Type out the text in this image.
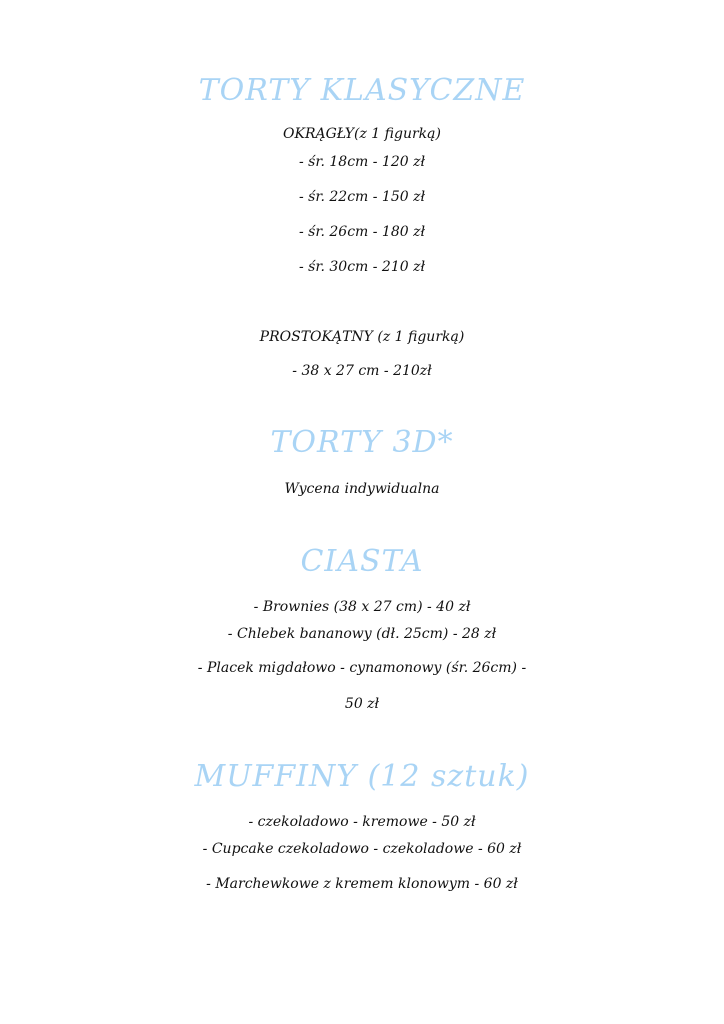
TORTY KLASYCZNE
OKRĄGŁY(z 1 figurką)
- śr. 18cm - 120 zł
- śr. 22cm - 150 zł
- śr. 26cm - 180 zł
- śr. 30cm - 210 zł
PROSTOKĄTNY (z 1 figurką)
- 38 x 27 cm - 210zł
TORTY 3D*
Wycena indywidualna
CIASTA
- Brownies (38 x 27 cm) - 40 zł
- Chlebek bananowy (dł. 25cm) - 28 zł
- Placek migdałowo - cynamonowy (śr. 26cm) -
50 zł
MUFFINY (12 sztuk)
- czekoladowo - kremowe - 50 zł
- Cupcake czekoladowo - czekoladowe - 60 zł
- Marchewkowe z kremem klonowym - 60 zł
